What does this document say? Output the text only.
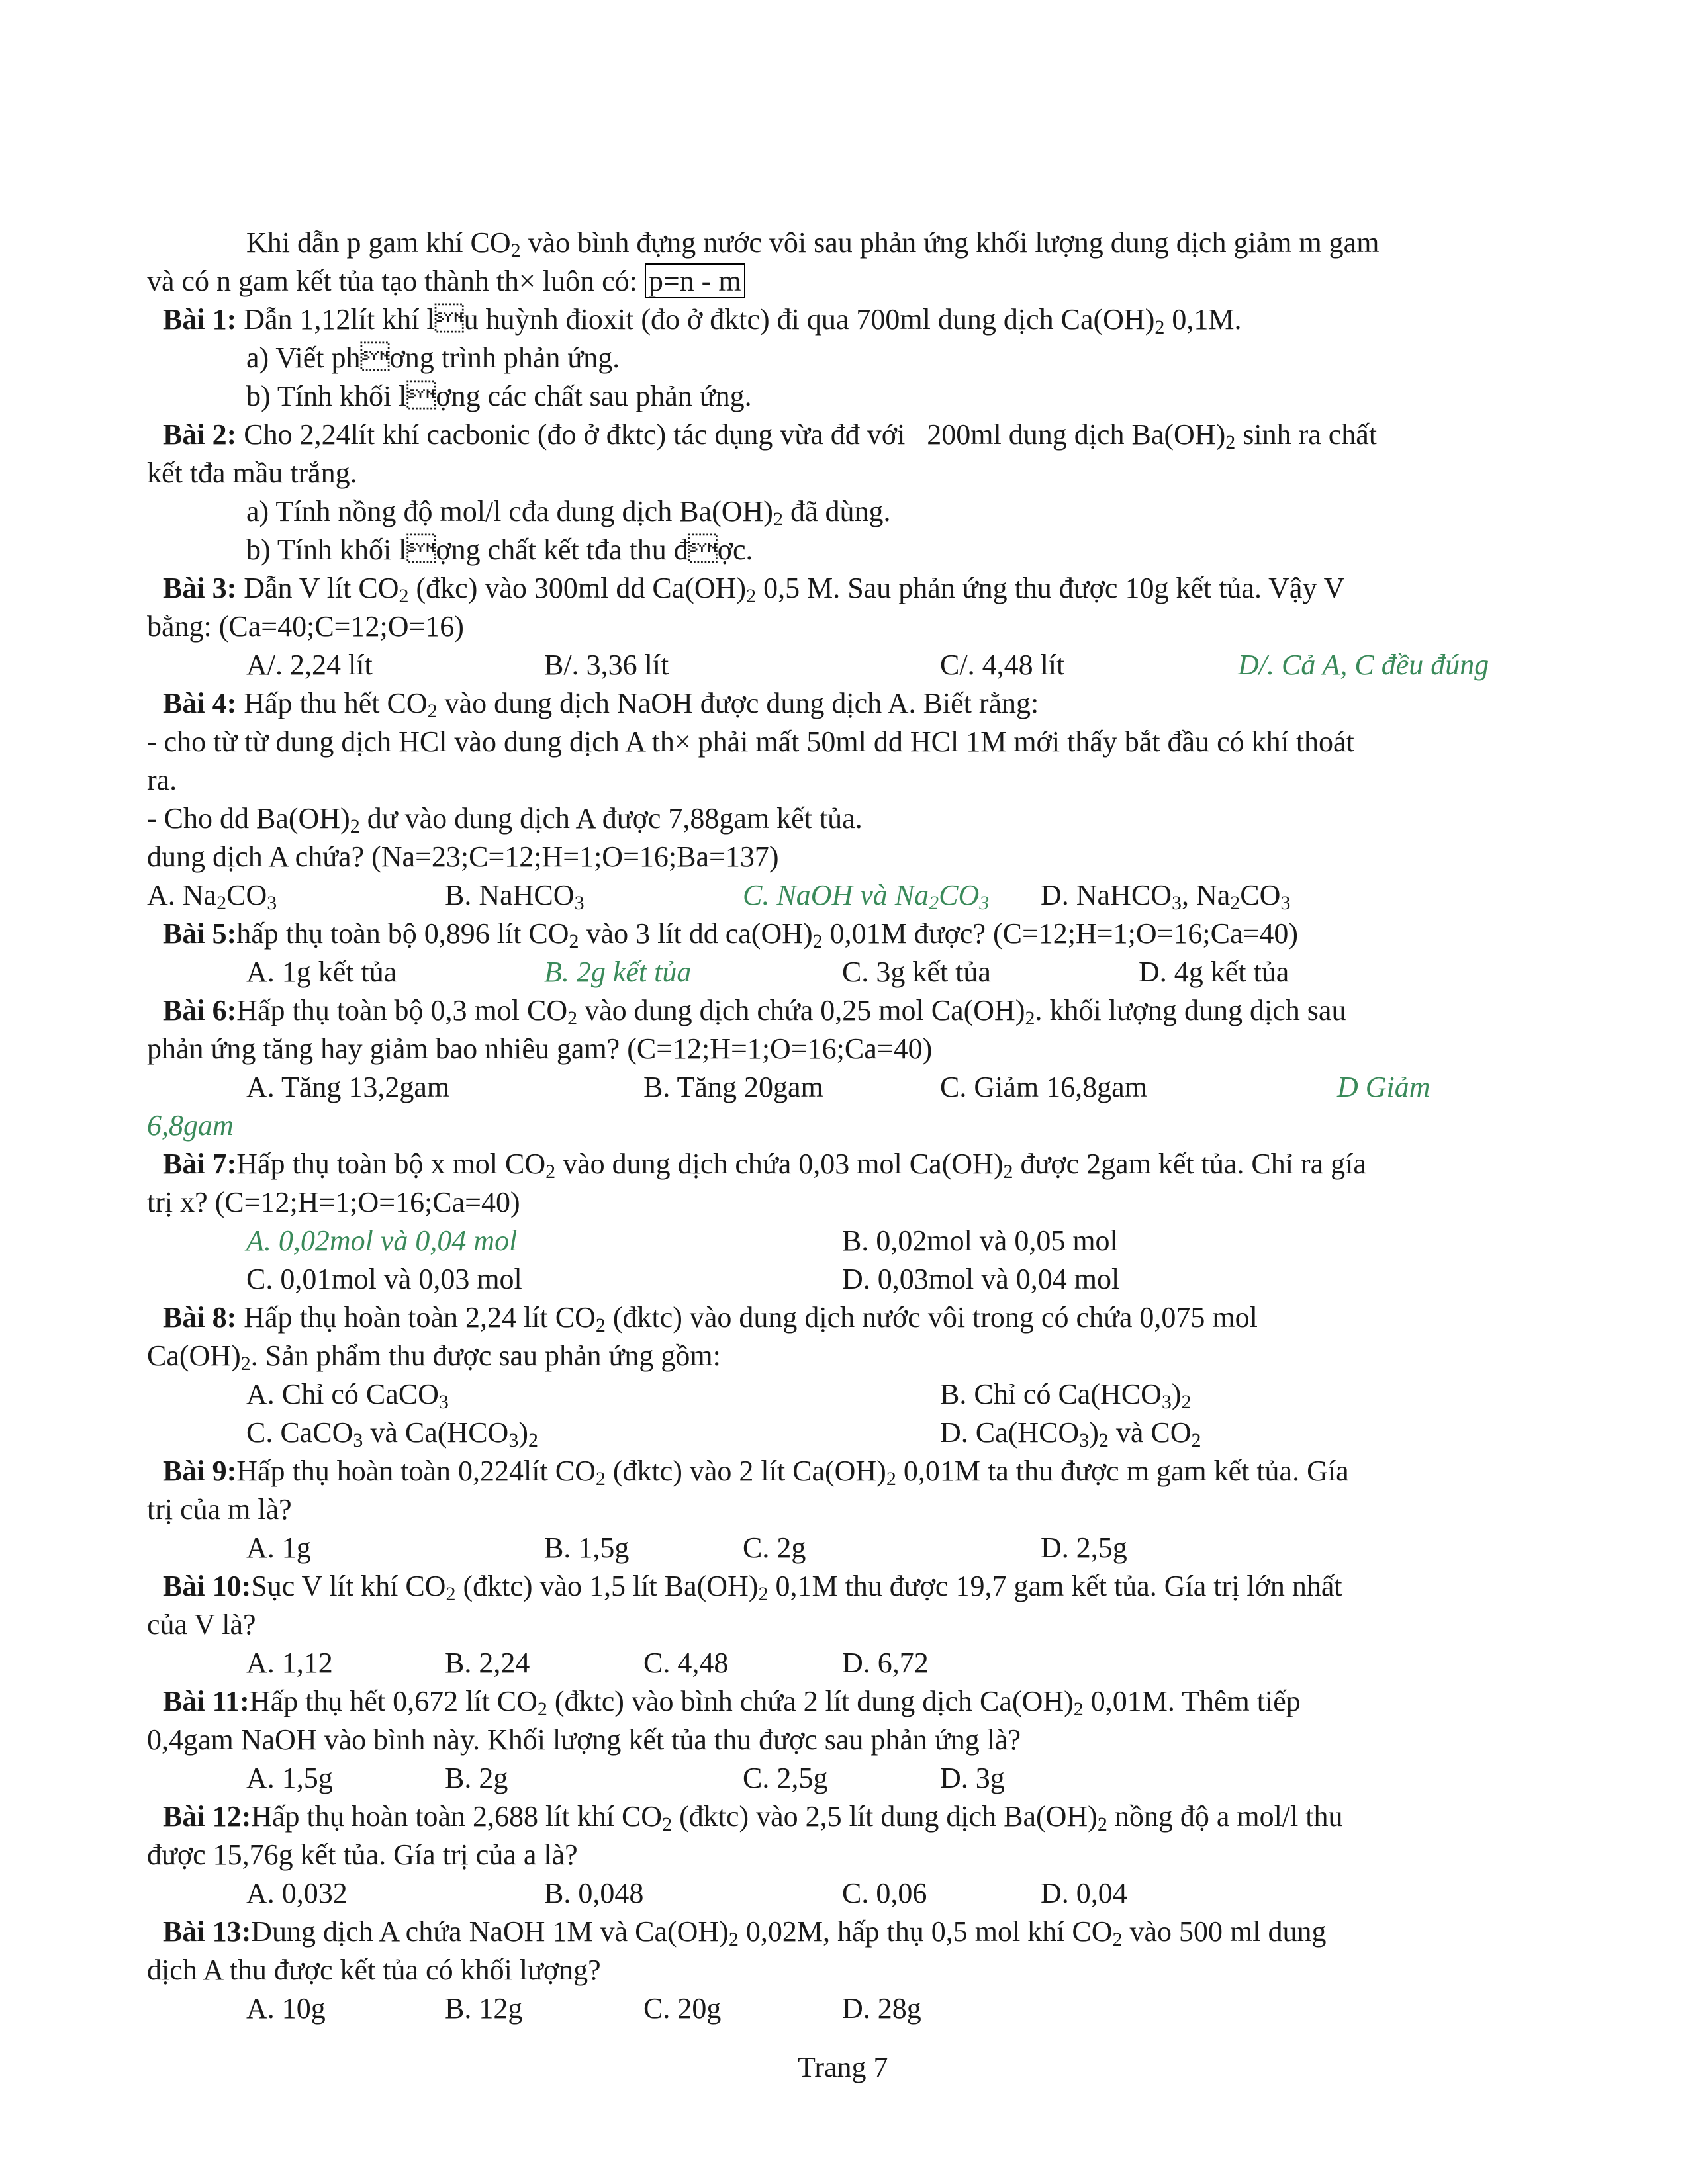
Khi dẫn p gam khí $CO_2$ vào bình đựng nước vôi sau phản ứng khối lượng dung dịch giảm m gam
và có n gam kết tủa tạo thành th× luôn có: p=n - m
Bài 1: Dẫn 1,12lít khí lu huỳnh đioxit (đo ở đktc) đi qua 700ml dung dịch $Ca(OH)_2$ 0,1M.
a) Viết phơng trình phản ứng.
b) Tính khối lợng các chất sau phản ứng.
Bài 2: Cho 2,24lít khí cacbonic (đo ở đktc) tác dụng vừa đđ với   200ml dung dịch $Ba(OH)_2$ sinh ra chất
kết tđa mầu trắng.
a) Tính nồng độ mol/l cđa dung dịch $Ba(OH)_2$ đã dùng.
b) Tính khối lợng chất kết tđa thu đợc.
Bài 3: Dẫn V lít $CO_2$ (đkc) vào 300ml dd $Ca(OH)_2$ 0,5 M. Sau phản ứng thu được 10g kết tủa. Vậy V
bằng: (Ca=40;C=12;O=16)
A/. 2,24 lít	B/. 3,36 lít	C/. 4,48 lít	D/. Cả A, C đều đúng
Bài 4: Hấp thu hết $CO_2$ vào dung dịch NaOH được dung dịch A. Biết rằng:
- cho từ từ dung dịch HCl vào dung dịch A th× phải mất 50ml dd HCl 1M mới thấy bắt đầu có khí thoát
ra.
- Cho dd $Ba(OH)_2$ dư vào dung dịch A được 7,88gam kết tủa.
dung dịch A chứa? (Na=23;C=12;H=1;O=16;Ba=137)
A. $Na_2CO_3$	B. NaHCO$_3$	C. NaOH và $Na_2CO_3$ D. NaHCO$_3$, $Na_2CO_3$
Bài 5:hấp thụ toàn bộ 0,896 lít $CO_2$ vào 3 lít dd $ca(OH)_2$ 0,01M được? (C=12;H=1;O=16;Ca=40)
A. 1g kết tủa	B. 2g kết tủa	C. 3g kết tủa	D. 4g kết tủa
Bài 6:Hấp thụ toàn bộ 0,3 mol $CO_2$ vào dung dịch chứa 0,25 mol $Ca(OH)_2$. khối lượng dung dịch sau
phản ứng tăng hay giảm bao nhiêu gam? (C=12;H=1;O=16;Ca=40)
A. Tăng 13,2gam	B. Tăng 20gam	C. Giảm 16,8gam	D Giảm
6,8gam
Bài 7:Hấp thụ toàn bộ x mol $CO_2$ vào dung dịch chứa 0,03 mol $Ca(OH)_2$ được 2gam kết tủa. Chỉ ra gía
trị x? (C=12;H=1;O=16;Ca=40)
A. 0,02mol và 0,04 mol	B. 0,02mol và 0,05 mol
C. 0,01mol và 0,03 mol	D. 0,03mol và 0,04 mol
Bài 8: Hấp thụ hoàn toàn 2,24 lít $CO_2$ (đktc) vào dung dịch nước vôi trong có chứa 0,075 mol
$Ca(OH)_2$. Sản phẩm thu được sau phản ứng gồm:
A. Chỉ có CaCO$_3$	B. Chỉ có $Ca(HCO_3)_2$
C. CaCO$_3$ và $Ca(HCO_3)_2$	D. $Ca(HCO_3)_2$ và $CO_2$
Bài 9:Hấp thụ hoàn toàn 0,224lít $CO_2$ (đktc) vào 2 lít $Ca(OH)_2$ 0,01M ta thu được m gam kết tủa. Gía
trị của m là?
A. 1g	B. 1,5g	C. 2g	D. 2,5g
Bài 10:Sục V lít khí $CO_2$ (đktc) vào 1,5 lít $Ba(OH)_2$ 0,1M thu được 19,7 gam kết tủa. Gía trị lớn nhất
của V là?
A. 1,12	B. 2,24	C. 4,48	D. 6,72
Bài 11:Hấp thụ hết 0,672 lít $CO_2$ (đktc) vào bình chứa 2 lít dung dịch $Ca(OH)_2$ 0,01M. Thêm tiếp
0,4gam NaOH vào bình này. Khối lượng kết tủa thu được sau phản ứng là?
A. 1,5g	B. 2g	C. 2,5g	D. 3g
Bài 12:Hấp thụ hoàn toàn 2,688 lít khí $CO_2$ (đktc) vào 2,5 lít dung dịch $Ba(OH)_2$ nồng độ a mol/l thu
được 15,76g kết tủa. Gía trị của a là?
A. 0,032	B. 0,048	C. 0,06	D. 0,04
Bài 13:Dung dịch A chứa NaOH 1M và $Ca(OH)_2$ 0,02M, hấp thụ 0,5 mol khí $CO_2$ vào 500 ml dung
dịch A thu được kết tủa có khối lượng?
A. 10g	B. 12g	C. 20g	D. 28g
Trang 7
